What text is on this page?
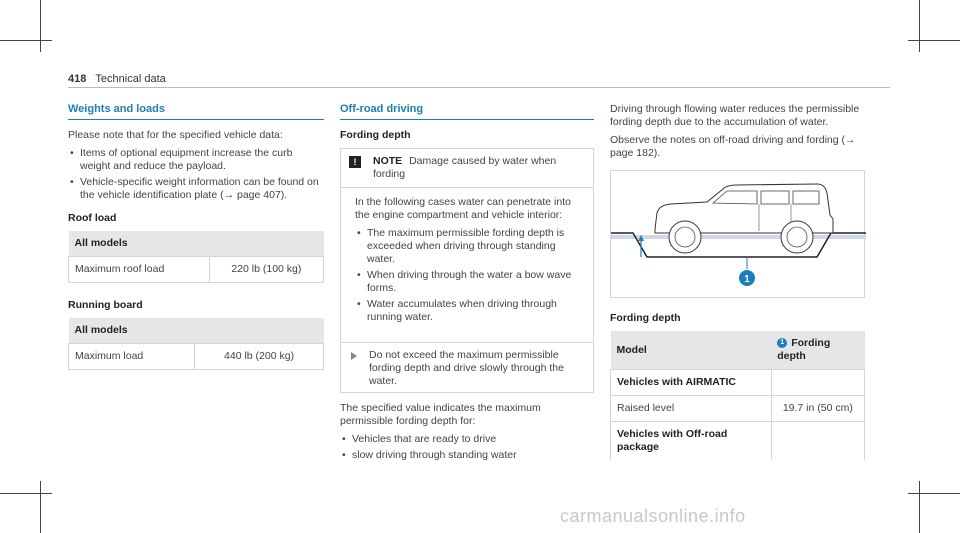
418 Technical data
Weights and loads

Please note that for the specified vehicle data:

• Items of optional equipment increase the curb weight and reduce the payload.
• Vehicle-specific weight information can be found on the vehicle identification plate (→ page 407).
Roof load
All models
Maximum roof load	220 lb (100 kg)
Running board
All models
Maximum load	440 lb (200 kg)
Off-road driving
Fording depth
!	NOTE Damage caused by water when fording

In the following cases water can penetrate into the engine compartment and vehicle interior:

• The maximum permissible fording depth is exceeded when driving through standing water.
• When driving through the water a bow wave forms.
• Water accumulates when driving through running water.
Do not exceed the maximum permissible fording depth and drive slowly through the water.

The specified value indicates the maximum permissible fording depth for:

• Vehicles that are ready to drive
• slow driving through standing water

Driving through flowing water reduces the permissible fording depth due to the accumulation of water.

Observe the notes on off-road driving and fording (→ page 182).

1
Fording depth
Model	1 Fording depth
Vehicles with AIRMATIC	
Raised level	19.7 in (50 cm)
Vehicles with Off-road package	
carmanualsonline.info
